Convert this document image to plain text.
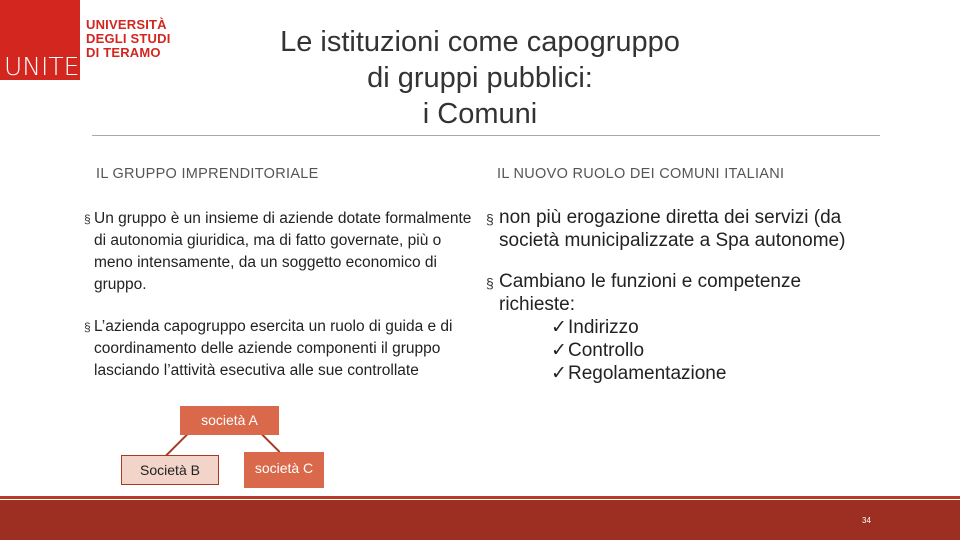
UNITE
UNIVERSITÀ
DEGLI STUDI
DI TERAMO	Le istituzioni come capogruppo
di gruppi pubblici:
i Comuni
IL GRUPPO IMPRENDITORIALE	IL NUOVO RUOLO DEI COMUNI ITALIANI
§ Un gruppo è un insieme di aziende dotate formalmente di autonomia giuridica, ma di fatto governate, più o meno intensamente, da un soggetto economico di gruppo.
§ L’azienda capogruppo esercita un ruolo di guida e di coordinamento delle aziende componenti il gruppo lasciando l’attività esecutiva alle sue controllate
§ non più erogazione diretta dei servizi (da società municipalizzate a Spa autonome)
§ Cambiano le funzioni e competenze richieste:
✓ Indirizzo
✓ Controllo
✓ Regolamentazione
società A
Società B	società C
34
